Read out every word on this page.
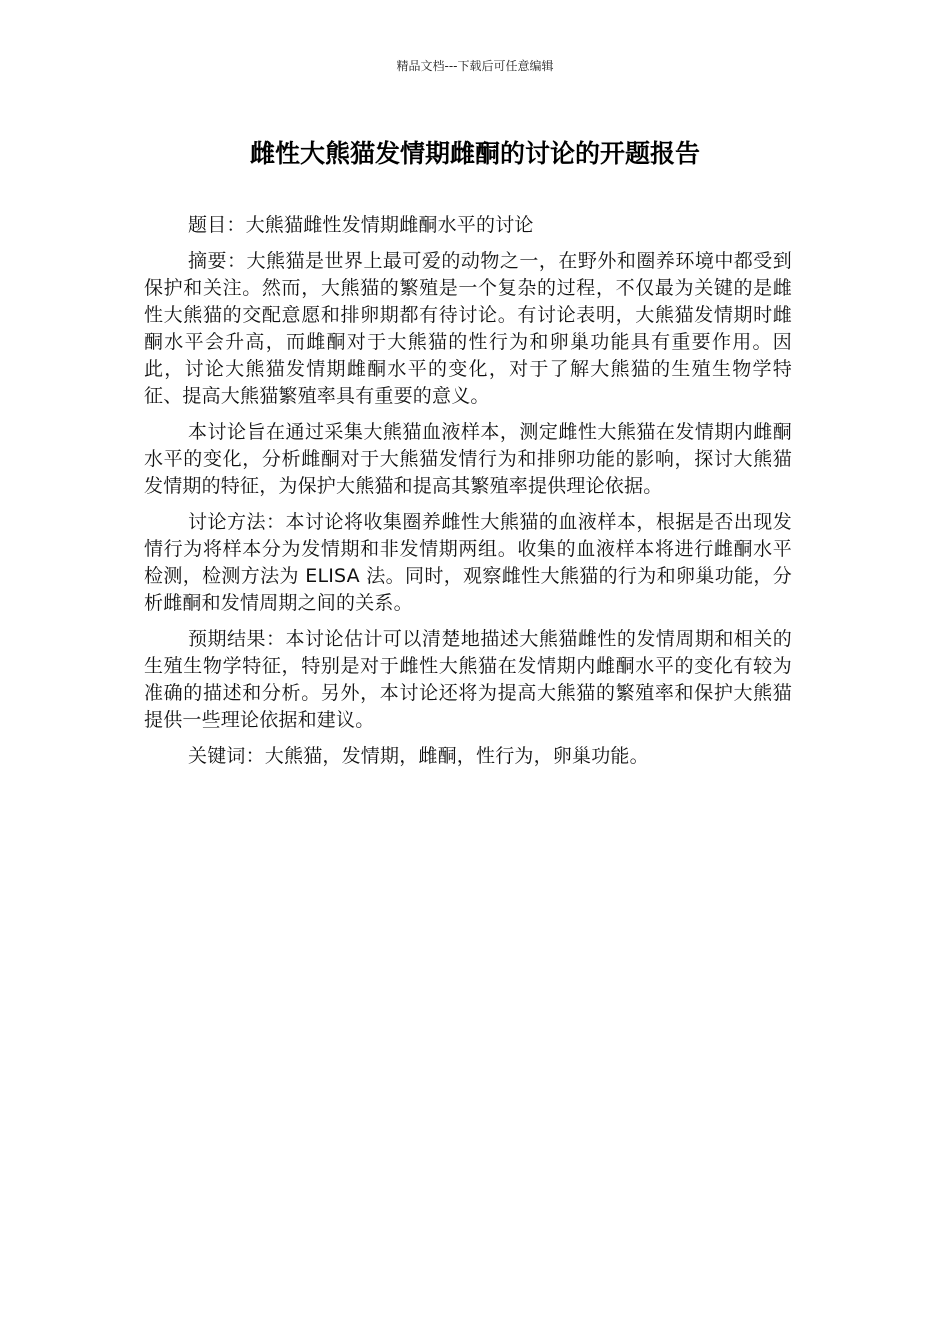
精品文档---下载后可任意编辑
雌性大熊猫发情期雌酮的讨论的开题报告

题目：大熊猫雌性发情期雌酮水平的讨论

摘要：大熊猫是世界上最可爱的动物之一，在野外和圈养环境中都受到保护和关注。然而，大熊猫的繁殖是一个复杂的过程，不仅最为关键的是雌性大熊猫的交配意愿和排卵期都有待讨论。有讨论表明，大熊猫发情期时雌酮水平会升高，而雌酮对于大熊猫的性行为和卵巢功能具有重要作用。因此，讨论大熊猫发情期雌酮水平的变化，对于了解大熊猫的生殖生物学特征、提高大熊猫繁殖率具有重要的意义。

本讨论旨在通过采集大熊猫血液样本，测定雌性大熊猫在发情期内雌酮水平的变化，分析雌酮对于大熊猫发情行为和排卵功能的影响，探讨大熊猫发情期的特征，为保护大熊猫和提高其繁殖率提供理论依据。

讨论方法：本讨论将收集圈养雌性大熊猫的血液样本，根据是否出现发情行为将样本分为发情期和非发情期两组。收集的血液样本将进行雌酮水平检测，检测方法为 ELISA 法。同时，观察雌性大熊猫的行为和卵巢功能，分析雌酮和发情周期之间的关系。

预期结果：本讨论估计可以清楚地描述大熊猫雌性的发情周期和相关的生殖生物学特征，特别是对于雌性大熊猫在发情期内雌酮水平的变化有较为准确的描述和分析。另外，本讨论还将为提高大熊猫的繁殖率和保护大熊猫提供一些理论依据和建议。

关键词：大熊猫，发情期，雌酮，性行为，卵巢功能。
